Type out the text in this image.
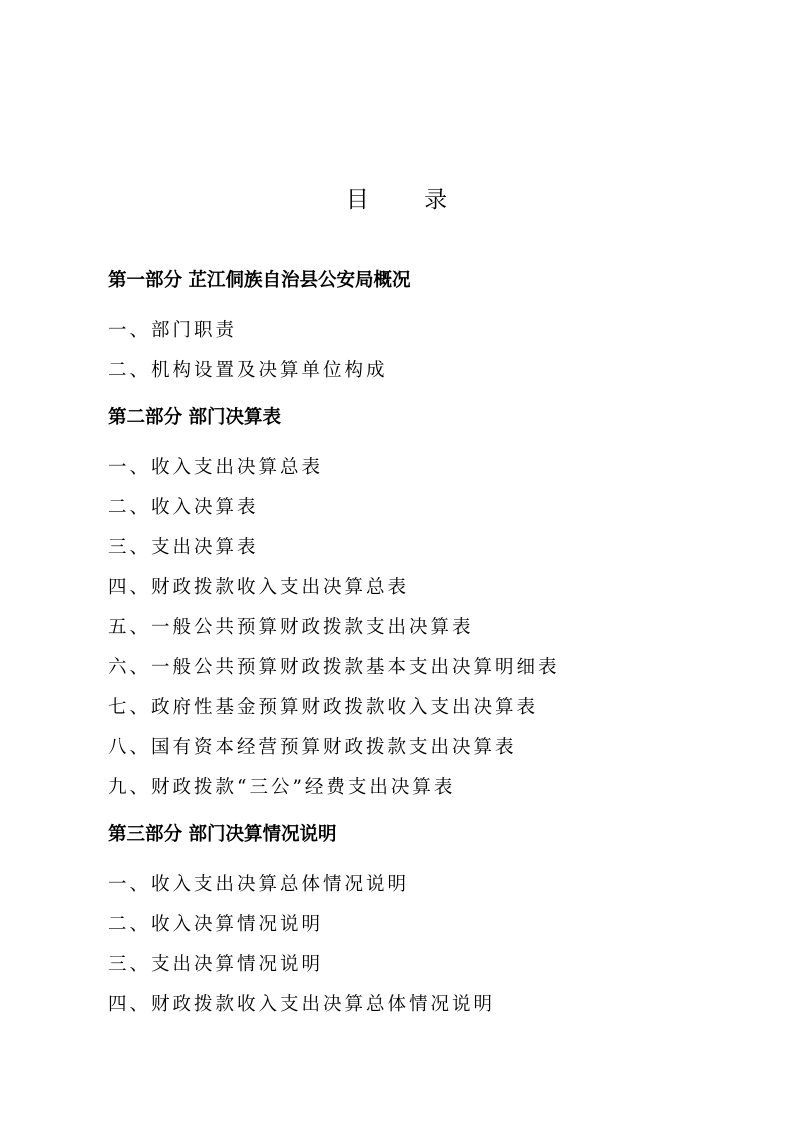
目 录
第一部分 芷江侗族自治县公安局概况
一、部门职责
二、机构设置及决算单位构成
第二部分 部门决算表
一、收入支出决算总表
二、收入决算表
三、支出决算表
四、财政拨款收入支出决算总表
五、一般公共预算财政拨款支出决算表
六、一般公共预算财政拨款基本支出决算明细表
七、政府性基金预算财政拨款收入支出决算表
八、国有资本经营预算财政拨款支出决算表
九、财政拨款“三公”经费支出决算表
第三部分 部门决算情况说明
一、收入支出决算总体情况说明
二、收入决算情况说明
三、支出决算情况说明
四、财政拨款收入支出决算总体情况说明
